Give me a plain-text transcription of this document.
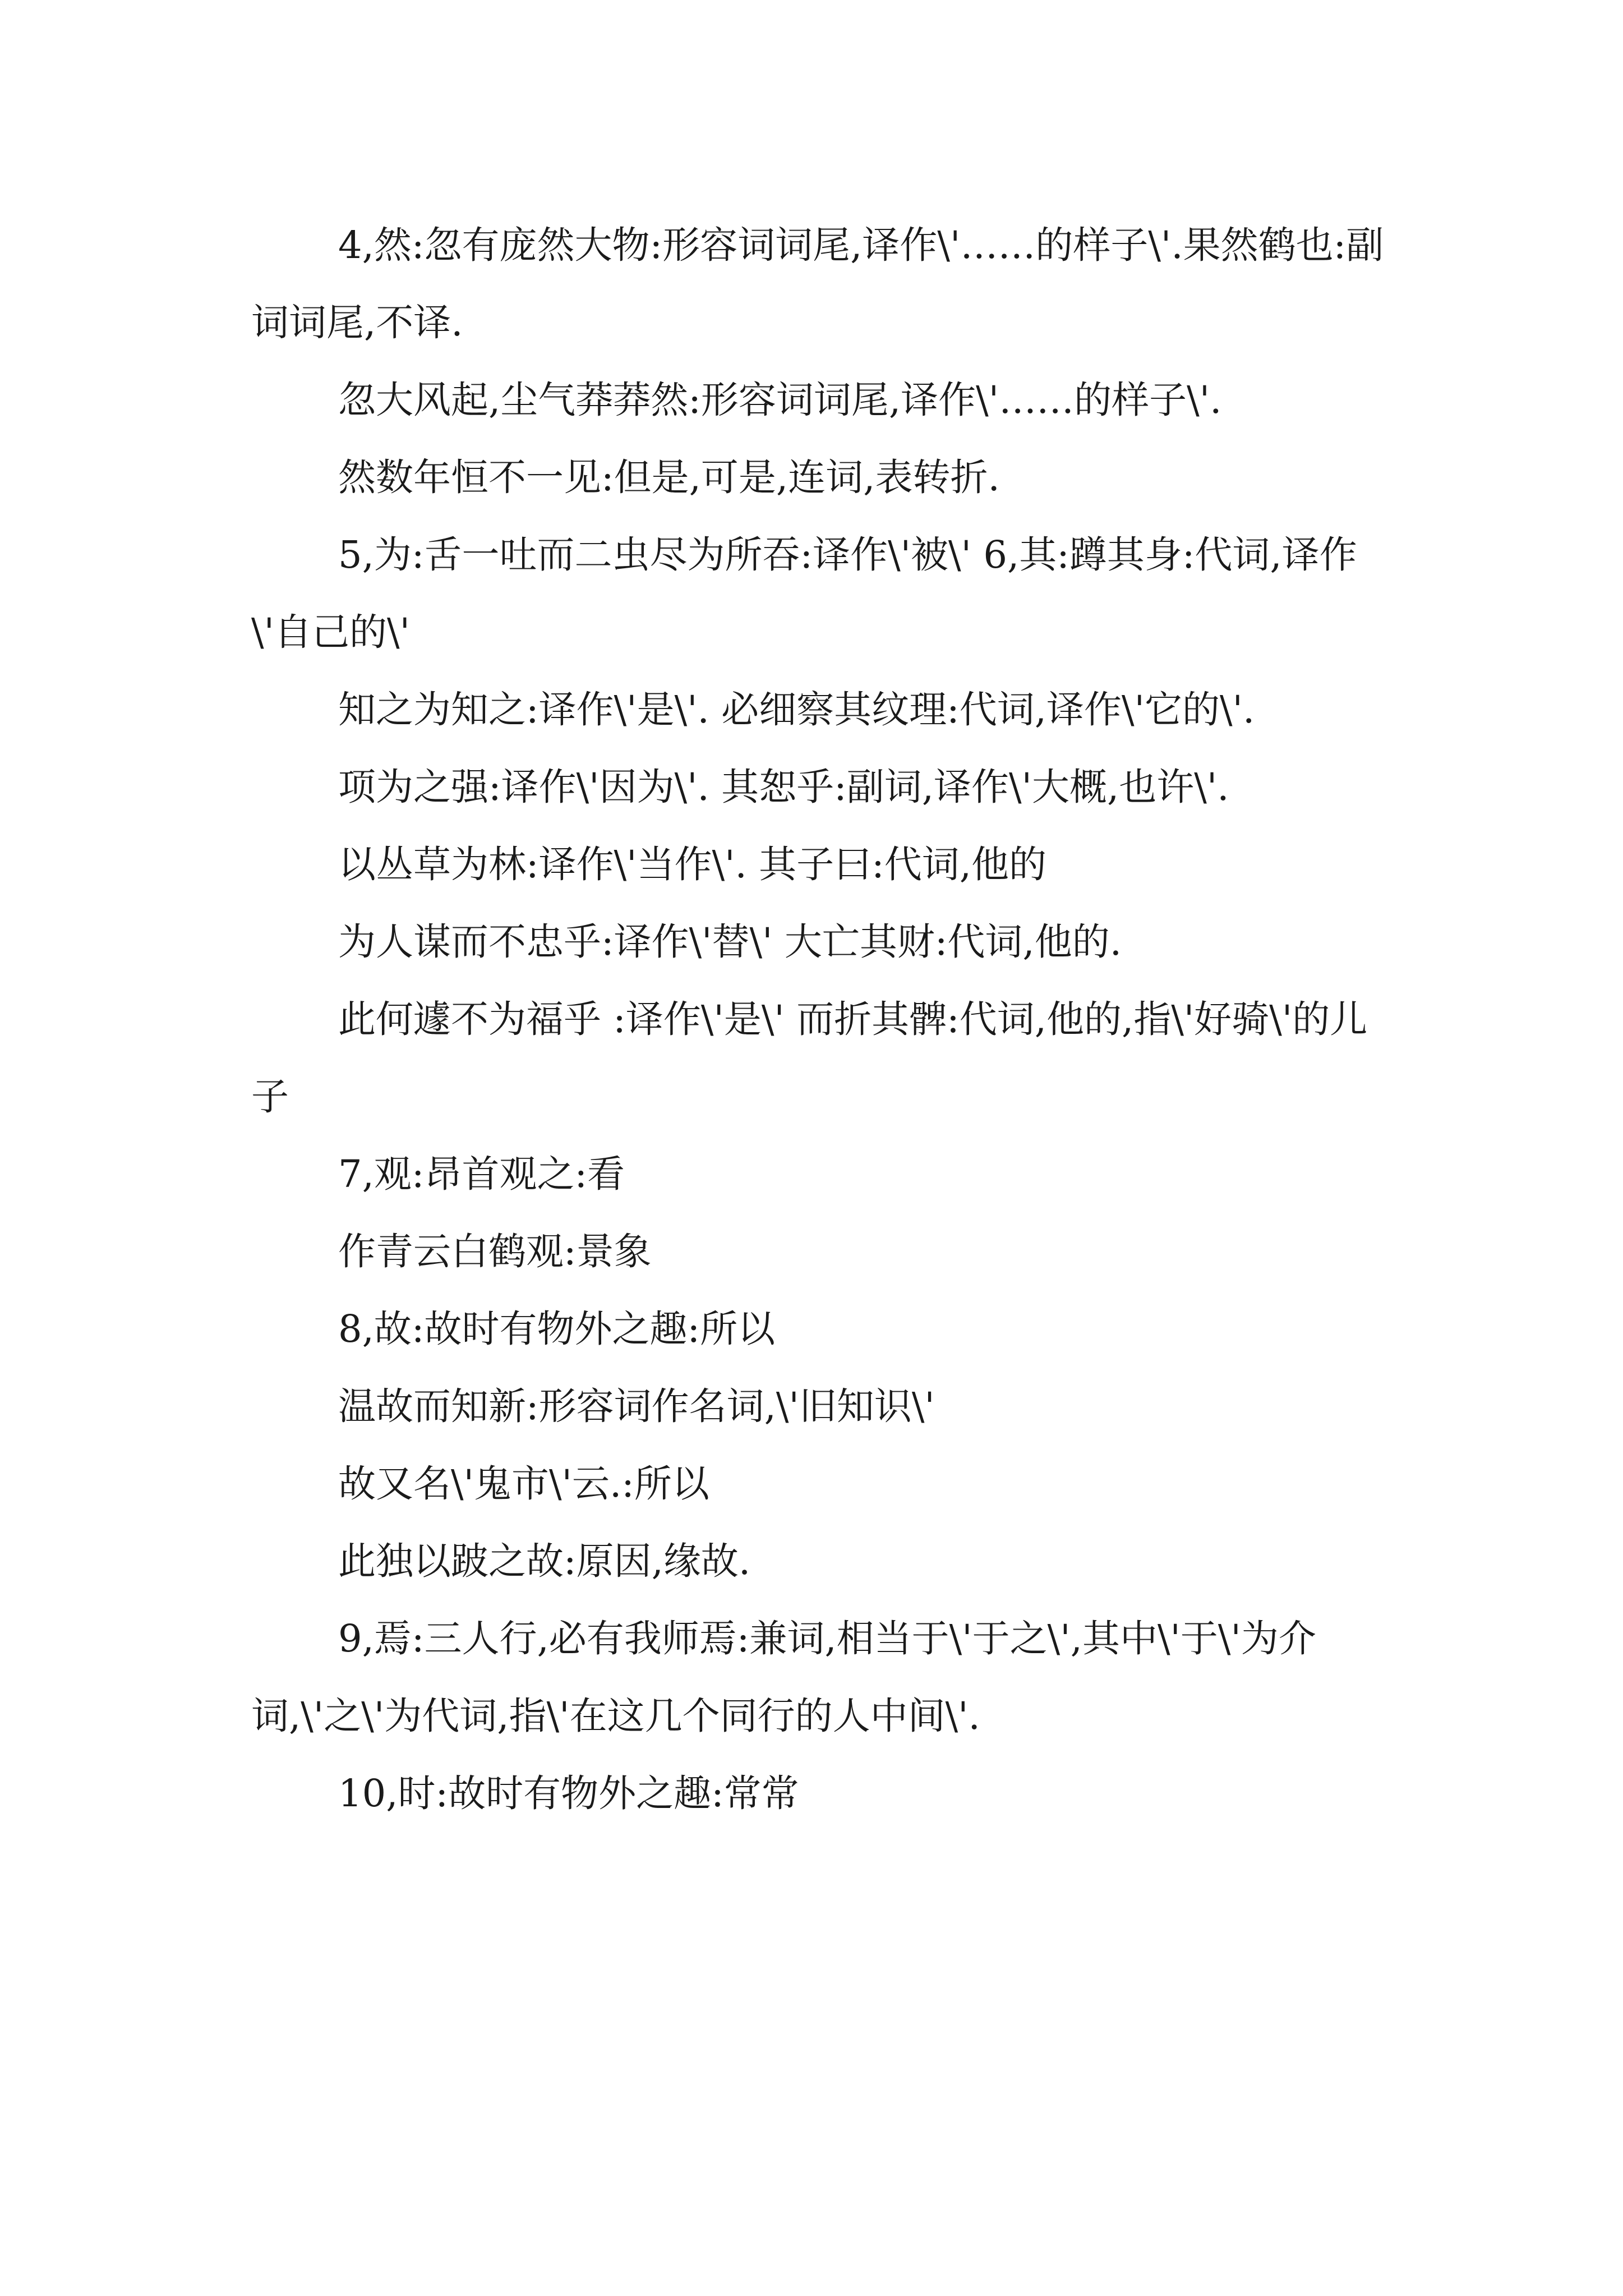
4,然:忽有庞然大物:形容词词尾,译作\'……的样子\'.果然鹤也:副词词尾,不译.

忽大风起,尘气莽莽然:形容词词尾,译作\'……的样子\'.

然数年恒不一见:但是,可是,连词,表转折.

5,为:舌一吐而二虫尽为所吞:译作\'被\' 6,其:蹲其身:代词,译作\'自己的\'

知之为知之:译作\'是\'. 必细察其纹理:代词,译作\'它的\'.

项为之强:译作\'因为\'. 其恕乎:副词,译作\'大概,也许\'.

以丛草为林:译作\'当作\'. 其子曰:代词,他的

为人谋而不忠乎:译作\'替\' 大亡其财:代词,他的.

此何遽不为福乎 :译作\'是\' 而折其髀:代词,他的,指\'好骑\'的儿子

7,观:昂首观之:看

作青云白鹤观:景象

8,故:故时有物外之趣:所以

温故而知新:形容词作名词,\'旧知识\'

故又名\'鬼市\'云.:所以

此独以跛之故:原因,缘故.

9,焉:三人行,必有我师焉:兼词,相当于\'于之\',其中\'于\'为介词,\'之\'为代词,指\'在这几个同行的人中间\'.

10,时:故时有物外之趣:常常
